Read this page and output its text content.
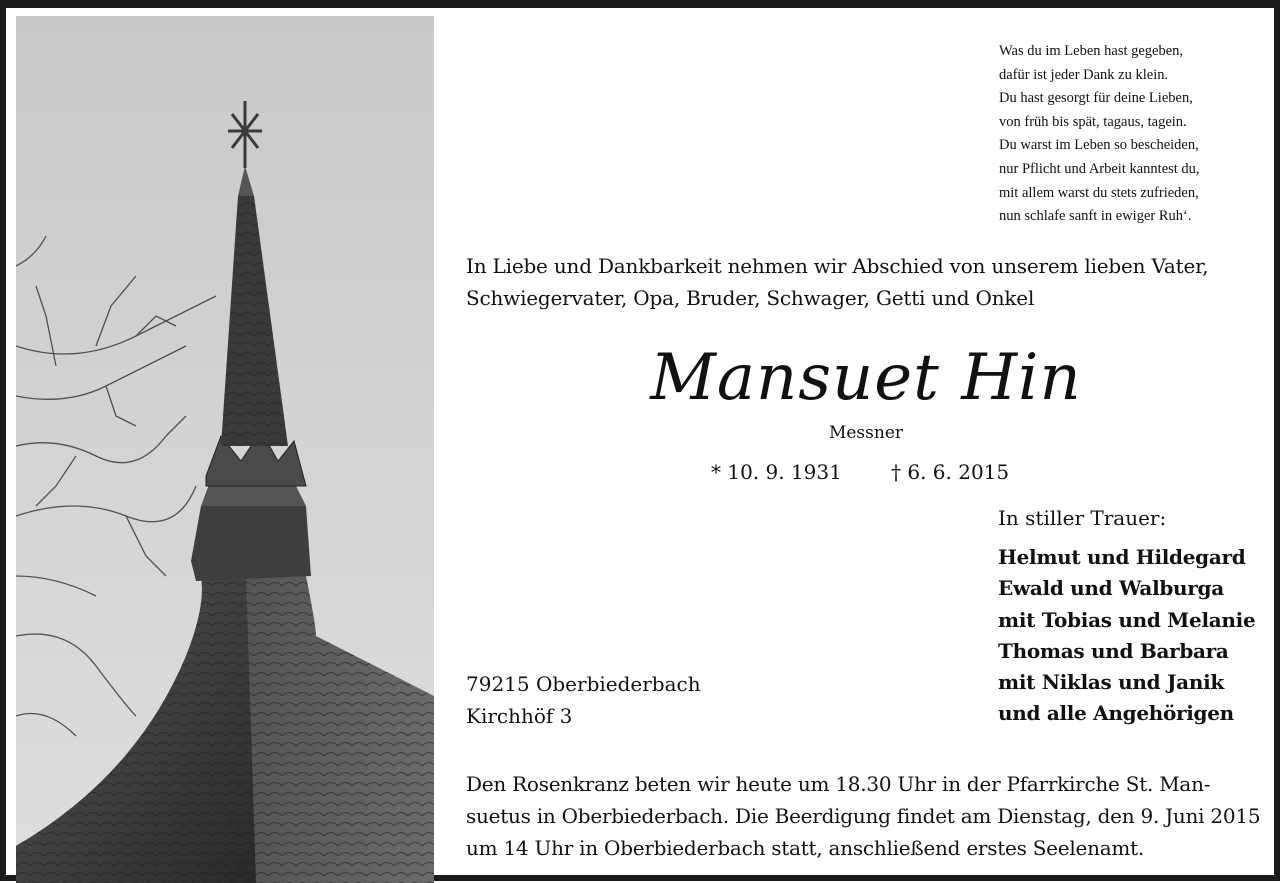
Was du im Leben hast gegeben,
dafür ist jeder Dank zu klein.
Du hast gesorgt für deine Lieben,
von früh bis spät, tagaus, tagein.
Du warst im Leben so bescheiden,
nur Pflicht und Arbeit kanntest du,
mit allem warst du stets zufrieden,
nun schlafe sanft in ewiger Ruh‘.
In Liebe und Dankbarkeit nehmen wir Abschied von unserem lieben Vater,
Schwiegervater, Opa, Bruder, Schwager, Getti und Onkel
Mansuet Hin
Messner
* 10. 9. 1931 † 6. 6. 2015
In stiller Trauer:
Helmut und Hildegard
Ewald und Walburga
mit Tobias und Melanie
Thomas und Barbara
mit Niklas und Janik
und alle Angehörigen
79215 Oberbiederbach
Kirchhöf 3
Den Rosenkranz beten wir heute um 18.30 Uhr in der Pfarrkirche St. Man-
suetus in Oberbiederbach. Die Beerdigung findet am Dienstag, den 9. Juni 2015
um 14 Uhr in Oberbiederbach statt, anschließend erstes Seelenamt.
